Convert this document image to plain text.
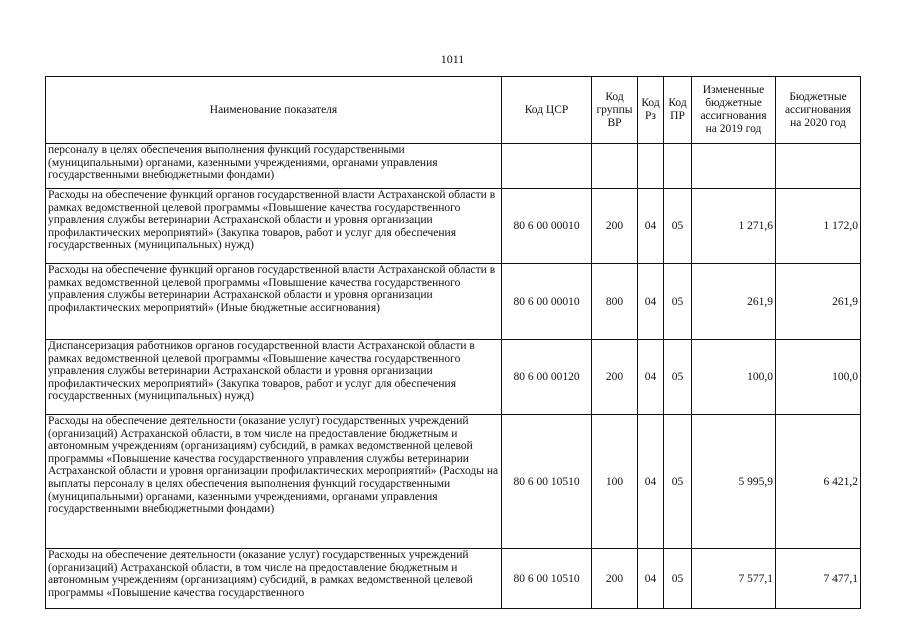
1011
Наименование показателя	Код ЦСР	Код группы ВР	Код Рз	Код ПР	Измененные бюджетные ассигнования на 2019 год	Бюджетные ассигнования на 2020 год
персоналу в целях обеспечения выполнения функций государственными (муниципальными) органами, казенными учреждениями, органами управления государственными внебюджетными фондами)						
Расходы на обеспечение функций органов государственной власти Астраханской области в рамках ведомственной целевой программы «Повышение качества государственного управления службы ветеринарии Астраханской области и уровня организации профилактических мероприятий» (Закупка товаров, работ и услуг для обеспечения государственных (муниципальных) нужд)	80 6 00 00010	200	04	05	1 271,6	1 172,0
Расходы на обеспечение функций органов государственной власти Астраханской области в рамках ведомственной целевой программы «Повышение качества государственного управления службы ветеринарии Астраханской области и уровня организации профилактических мероприятий» (Иные бюджетные ассигнования)	80 6 00 00010	800	04	05	261,9	261,9
Диспансеризация работников органов государственной власти Астраханской области в рамках ведомственной целевой программы «Повышение качества государственного управления службы ветеринарии Астраханской области и уровня организации профилактических мероприятий» (Закупка товаров, работ и услуг для обеспечения государственных (муниципальных) нужд)	80 6 00 00120	200	04	05	100,0	100,0
Расходы на обеспечение деятельности (оказание услуг) государственных учреждений (организаций) Астраханской области, в том числе на предоставление бюджетным и автономным учреждениям (организациям) субсидий, в рамках ведомственной целевой программы «Повышение качества государственного управления службы ветеринарии Астраханской области и уровня организации профилактических мероприятий» (Расходы на выплаты персоналу в целях обеспечения выполнения функций государственными (муниципальными) органами, казенными учреждениями, органами управления государственными внебюджетными фондами)	80 6 00 10510	100	04	05	5 995,9	6 421,2
Расходы на обеспечение деятельности (оказание услуг) государственных учреждений (организаций) Астраханской области, в том числе на предоставление бюджетным и автономным учреждениям (организациям) субсидий, в рамках ведомственной целевой программы «Повышение качества государственного	80 6 00 10510	200	04	05	7 577,1	7 477,1
